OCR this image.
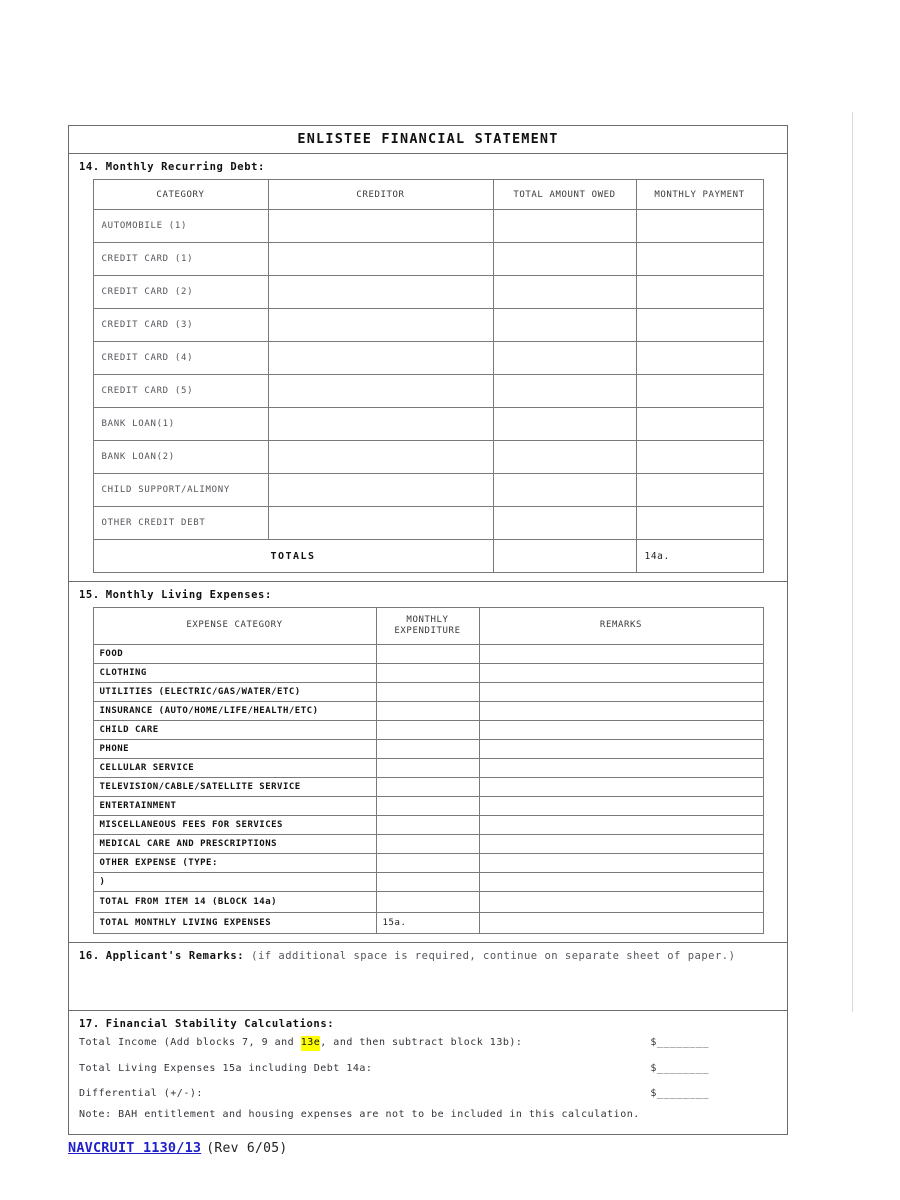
ENLISTEE FINANCIAL STATEMENT
14. Monthly Recurring Debt:
CATEGORY	CREDITOR	TOTAL AMOUNT OWED	MONTHLY PAYMENT
AUTOMOBILE (1)			
CREDIT CARD (1)			
CREDIT CARD (2)			
CREDIT CARD (3)			
CREDIT CARD (4)			
CREDIT CARD (5)			
BANK LOAN(1)			
BANK LOAN(2)			
CHILD SUPPORT/ALIMONY			
OTHER CREDIT DEBT			
TOTALS			14a.
15. Monthly Living Expenses:
EXPENSE CATEGORY	MONTHLY EXPENDITURE	REMARKS
FOOD		
CLOTHING		
UTILITIES (ELECTRIC/GAS/WATER/ETC)		
INSURANCE (AUTO/HOME/LIFE/HEALTH/ETC)		
CHILD CARE		
PHONE		
CELLULAR SERVICE		
TELEVISION/CABLE/SATELLITE SERVICE		
ENTERTAINMENT		
MISCELLANEOUS FEES FOR SERVICES		
MEDICAL CARE AND PRESCRIPTIONS		
OTHER EXPENSE (TYPE:		
)		
TOTAL FROM ITEM 14 (BLOCK 14a)		
TOTAL MONTHLY LIVING EXPENSES	15a.	
16. Applicant's Remarks: (if additional space is required, continue on separate sheet of paper.)
17. Financial Stability Calculations:
Total Income (Add blocks 7, 9 and 13e , and then subtract block 13b):	$________
Total Living Expenses 15a including Debt 14a:	$________
Differential (+/-):	$________
Note: BAH entitlement and housing expenses are not to be included in this calculation.
NAVCRUIT 1130/13 (Rev 6/05)
